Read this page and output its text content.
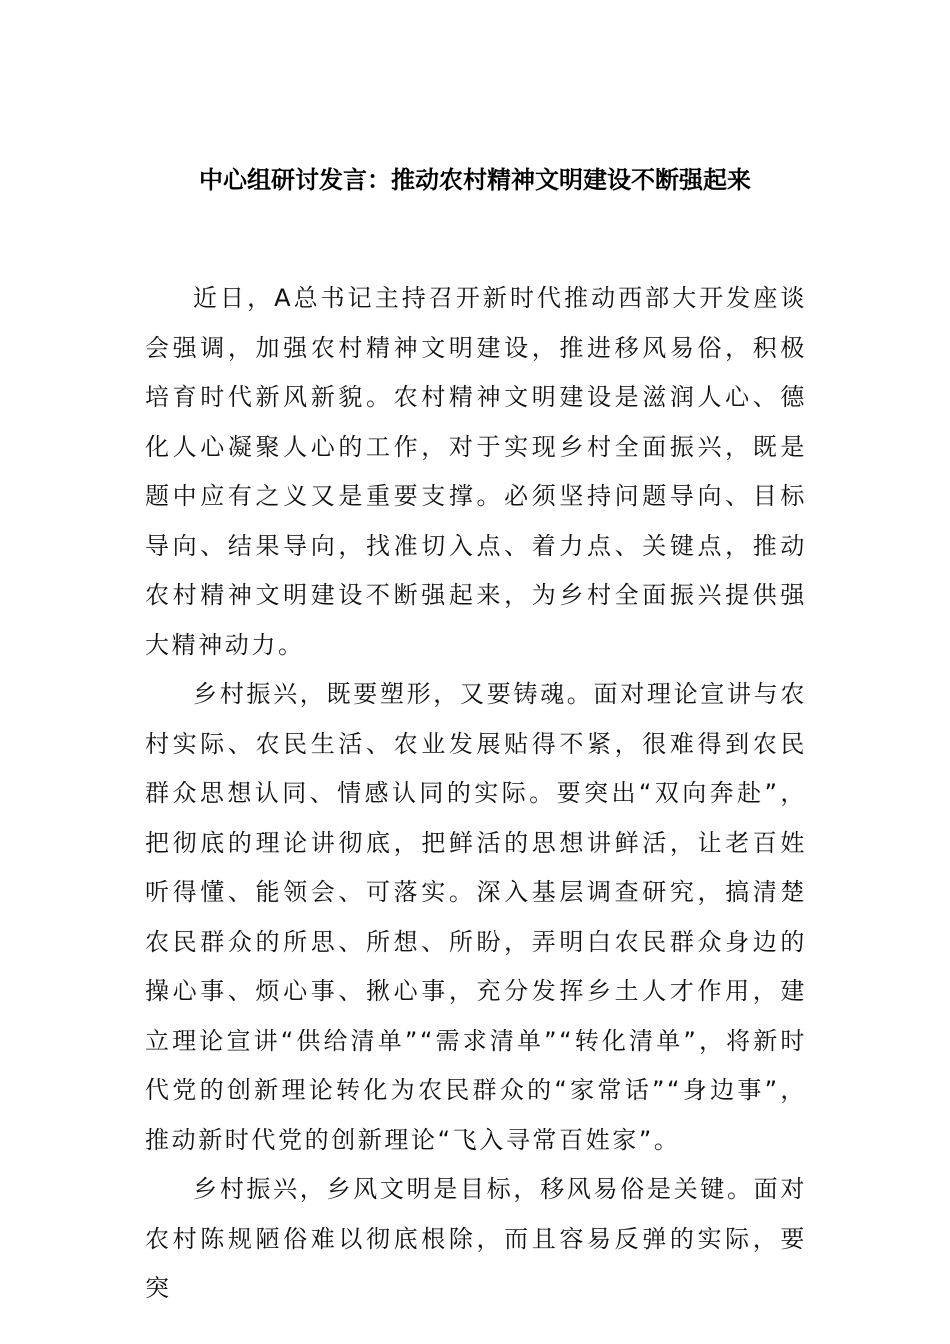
中心组研讨发言：推动农村精神文明建设不断强起来

近日，A总书记主持召开新时代推动西部大开发座谈会强调，加强农村精神文明建设，推进移风易俗，积极培育时代新风新貌。农村精神文明建设是滋润人心、德化人心凝聚人心的工作，对于实现乡村全面振兴，既是题中应有之义又是重要支撑。必须坚持问题导向、目标导向、结果导向，找准切入点、着力点、关键点，推动农村精神文明建设不断强起来，为乡村全面振兴提供强大精神动力。

乡村振兴，既要塑形，又要铸魂。面对理论宣讲与农村实际、农民生活、农业发展贴得不紧，很难得到农民群众思想认同、情感认同的实际。要突出“双向奔赴”，把彻底的理论讲彻底，把鲜活的思想讲鲜活，让老百姓听得懂、能领会、可落实。深入基层调查研究，搞清楚农民群众的所思、所想、所盼，弄明白农民群众身边的操心事、烦心事、揪心事，充分发挥乡土人才作用，建立理论宣讲“供给清单”“需求清单”“转化清单”，将新时代党的创新理论转化为农民群众的“家常话”“身边事”，推动新时代党的创新理论“飞入寻常百姓家”。

乡村振兴，乡风文明是目标，移风易俗是关键。面对农村陈规陋俗难以彻底根除，而且容易反弹的实际，要突
